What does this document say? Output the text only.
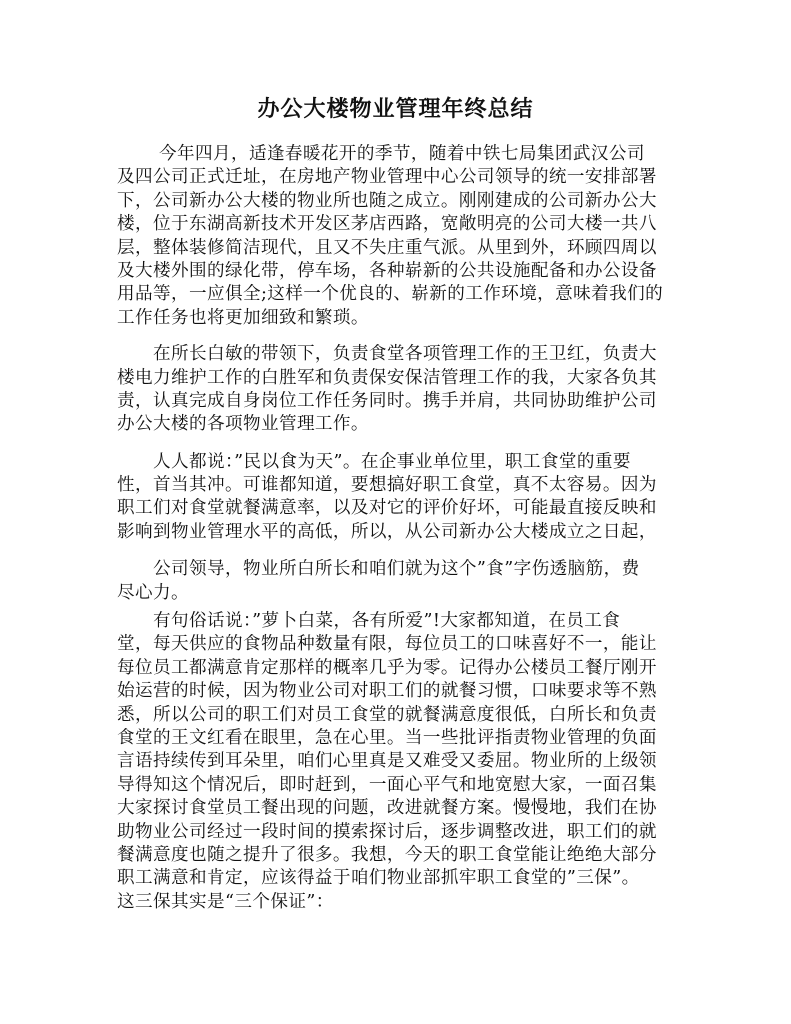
办公大楼物业管理年终总结
　　 今年四月，适逢春暖花开的季节，随着中铁七局集团武汉公司
及四公司正式迁址，在房地产物业管理中心公司领导的统一安排部署
下，公司新办公大楼的物业所也随之成立。刚刚建成的公司新办公大
楼，位于东湖高新技术开发区茅店西路，宽敞明亮的公司大楼一共八
层，整体装修简洁现代，且又不失庄重气派。从里到外，环顾四周以
及大楼外围的绿化带，停车场，各种崭新的公共设施配备和办公设备
用品等，一应俱全;这样一个优良的、崭新的工作环境，意味着我们的
工作任务也将更加细致和繁琐。
　　在所长白敏的带领下，负责食堂各项管理工作的王卫红，负责大
楼电力维护工作的白胜军和负责保安保洁管理工作的我，大家各负其
责，认真完成自身岗位工作任务同时。携手并肩，共同协助维护公司
办公大楼的各项物业管理工作。
　　人人都说：”民以食为天”。在企事业单位里，职工食堂的重要
性，首当其冲。可谁都知道，要想搞好职工食堂，真不太容易。因为
职工们对食堂就餐满意率，以及对它的评价好坏，可能最直接反映和
影响到物业管理水平的高低，所以，从公司新办公大楼成立之日起，
　　公司领导，物业所白所长和咱们就为这个”食”字伤透脑筋，费
尽心力。
　　有句俗话说：”萝卜白菜，各有所爱”!大家都知道，在员工食
堂，每天供应的食物品种数量有限，每位员工的口味喜好不一，能让
每位员工都满意肯定那样的概率几乎为零。记得办公楼员工餐厅刚开
始运营的时候，因为物业公司对职工们的就餐习惯，口味要求等不熟
悉，所以公司的职工们对员工食堂的就餐满意度很低，白所长和负责
食堂的王文红看在眼里，急在心里。当一些批评指责物业管理的负面
言语持续传到耳朵里，咱们心里真是又难受又委屈。物业所的上级领
导得知这个情况后，即时赶到，一面心平气和地宽慰大家，一面召集
大家探讨食堂员工餐出现的问题，改进就餐方案。慢慢地，我们在协
助物业公司经过一段时间的摸索探讨后，逐步调整改进，职工们的就
餐满意度也随之提升了很多。我想，今天的职工食堂能让绝绝大部分
职工满意和肯定，应该得益于咱们物业部抓牢职工食堂的”三保”。
这三保其实是“三个保证”：
